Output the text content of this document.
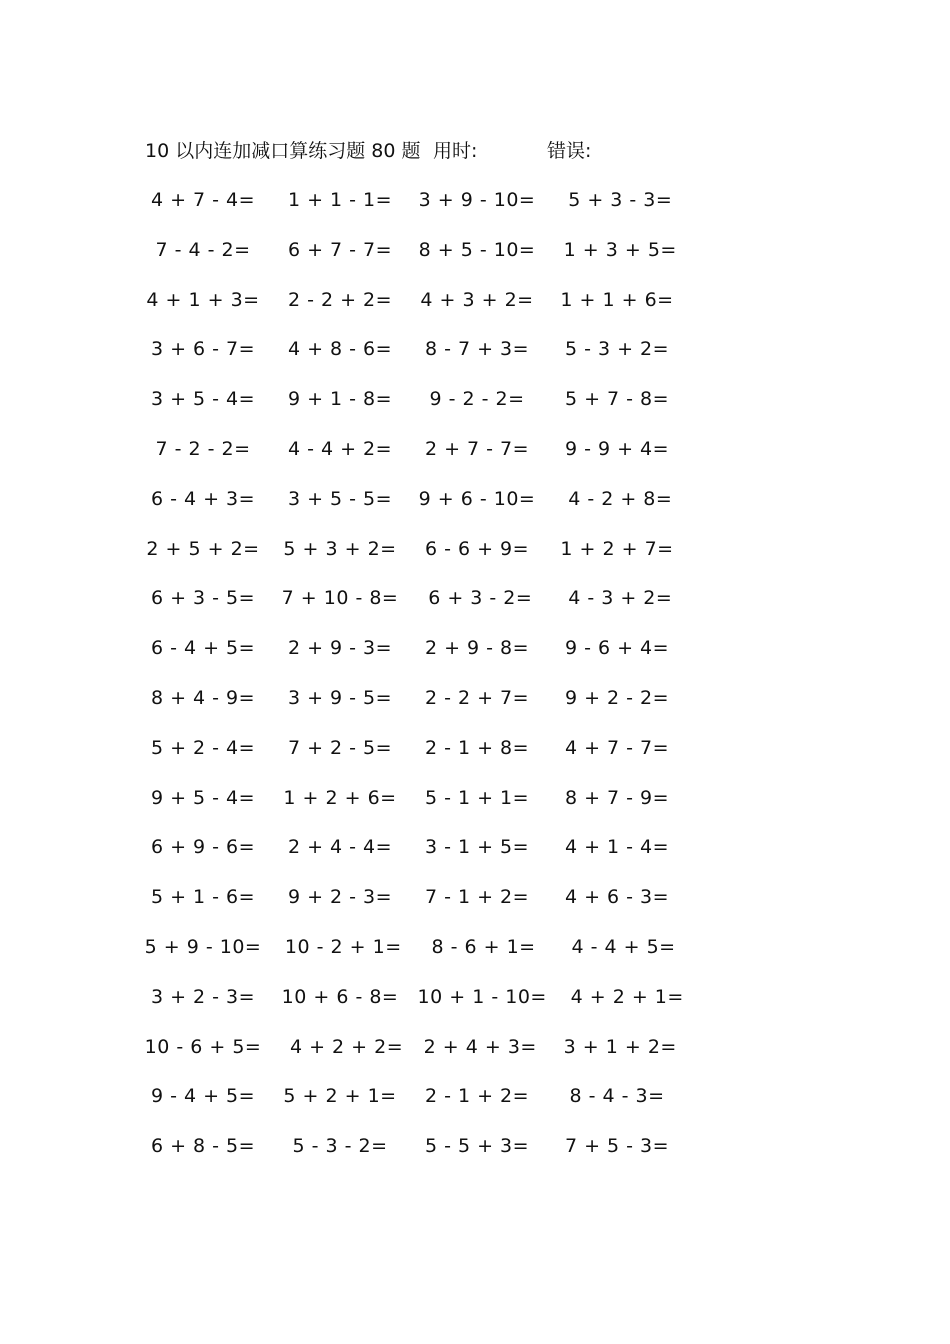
10 以内连加减口算练习题 80 题 用时:	错误:
4 + 7 - 4=	1 + 1 - 1=	3 + 9 - 10=	5 + 3 - 3=
7 - 4 - 2=	6 + 7 - 7=	8 + 5 - 10=	1 + 3 + 5=
4 + 1 + 3=	2 - 2 + 2=	4 + 3 + 2=	1 + 1 + 6=
3 + 6 - 7=	4 + 8 - 6=	8 - 7 + 3=	5 - 3 + 2=
3 + 5 - 4=	9 + 1 - 8=	9 - 2 - 2=	5 + 7 - 8=
7 - 2 - 2=	4 - 4 + 2=	2 + 7 - 7=	9 - 9 + 4=
6 - 4 + 3=	3 + 5 - 5=	9 + 6 - 10=	4 - 2 + 8=
2 + 5 + 2=	5 + 3 + 2=	6 - 6 + 9=	1 + 2 + 7=
6 + 3 - 5=	7 + 10 - 8=	6 + 3 - 2=	4 - 3 + 2=
6 - 4 + 5=	2 + 9 - 3=	2 + 9 - 8=	9 - 6 + 4=
8 + 4 - 9=	3 + 9 - 5=	2 - 2 + 7=	9 + 2 - 2=
5 + 2 - 4=	7 + 2 - 5=	2 - 1 + 8=	4 + 7 - 7=
9 + 5 - 4=	1 + 2 + 6=	5 - 1 + 1=	8 + 7 - 9=
6 + 9 - 6=	2 + 4 - 4=	3 - 1 + 5=	4 + 1 - 4=
5 + 1 - 6=	9 + 2 - 3=	7 - 1 + 2=	4 + 6 - 3=
5 + 9 - 10= 10 - 2 + 1= 8 - 6 + 1=	4 - 4 + 5=
3 + 2 - 3=	10 + 6 - 8= 10 + 1 - 10= 4 + 2 + 1=
10 - 6 + 5= 4 + 2 + 2= 2 + 4 + 3=	3 + 1 + 2=
9 - 4 + 5=	5 + 2 + 1=	2 - 1 + 2=	8 - 4 - 3=
6 + 8 - 5=	5 - 3 - 2=	5 - 5 + 3=	7 + 5 - 3=
